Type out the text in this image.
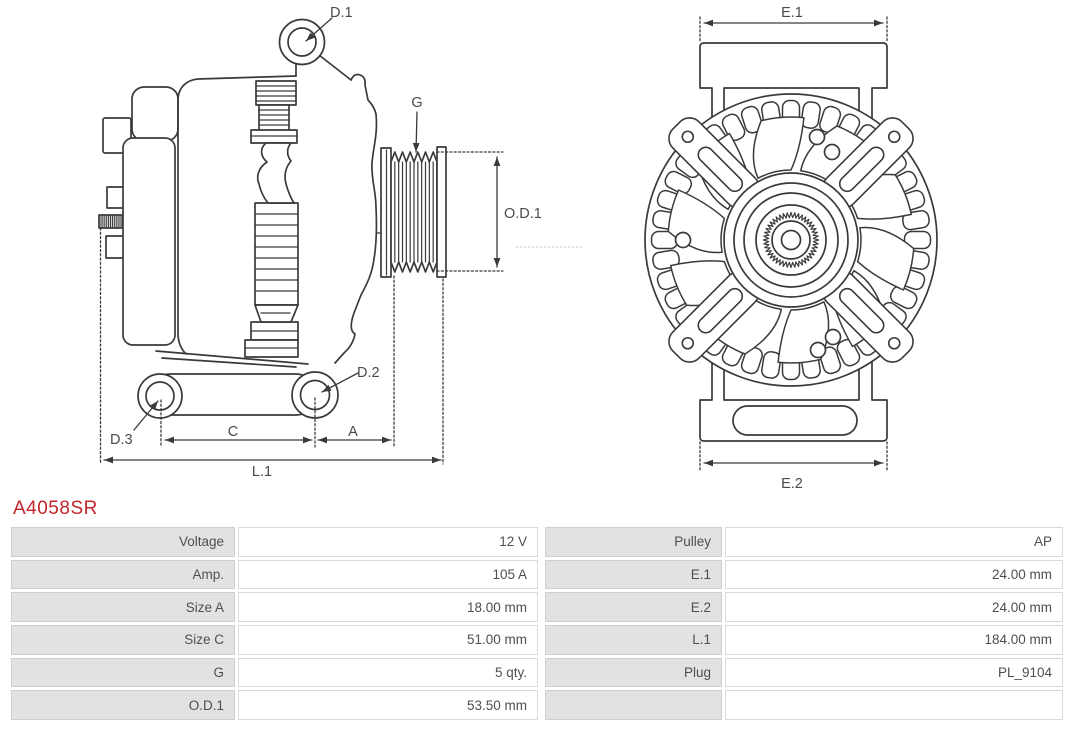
D.1
G
O.D.1
D.2
D.3	C	A
L.1
E.1
E.2
A4058SR
Voltage	12 V
Amp.	105 A
Size A	18.00 mm
Size C	51.00 mm
G	5 qty.
O.D.1	53.50 mm
Pulley	AP
E.1	24.00 mm
E.2	24.00 mm
L.1	184.00 mm
Plug	PL_9104
